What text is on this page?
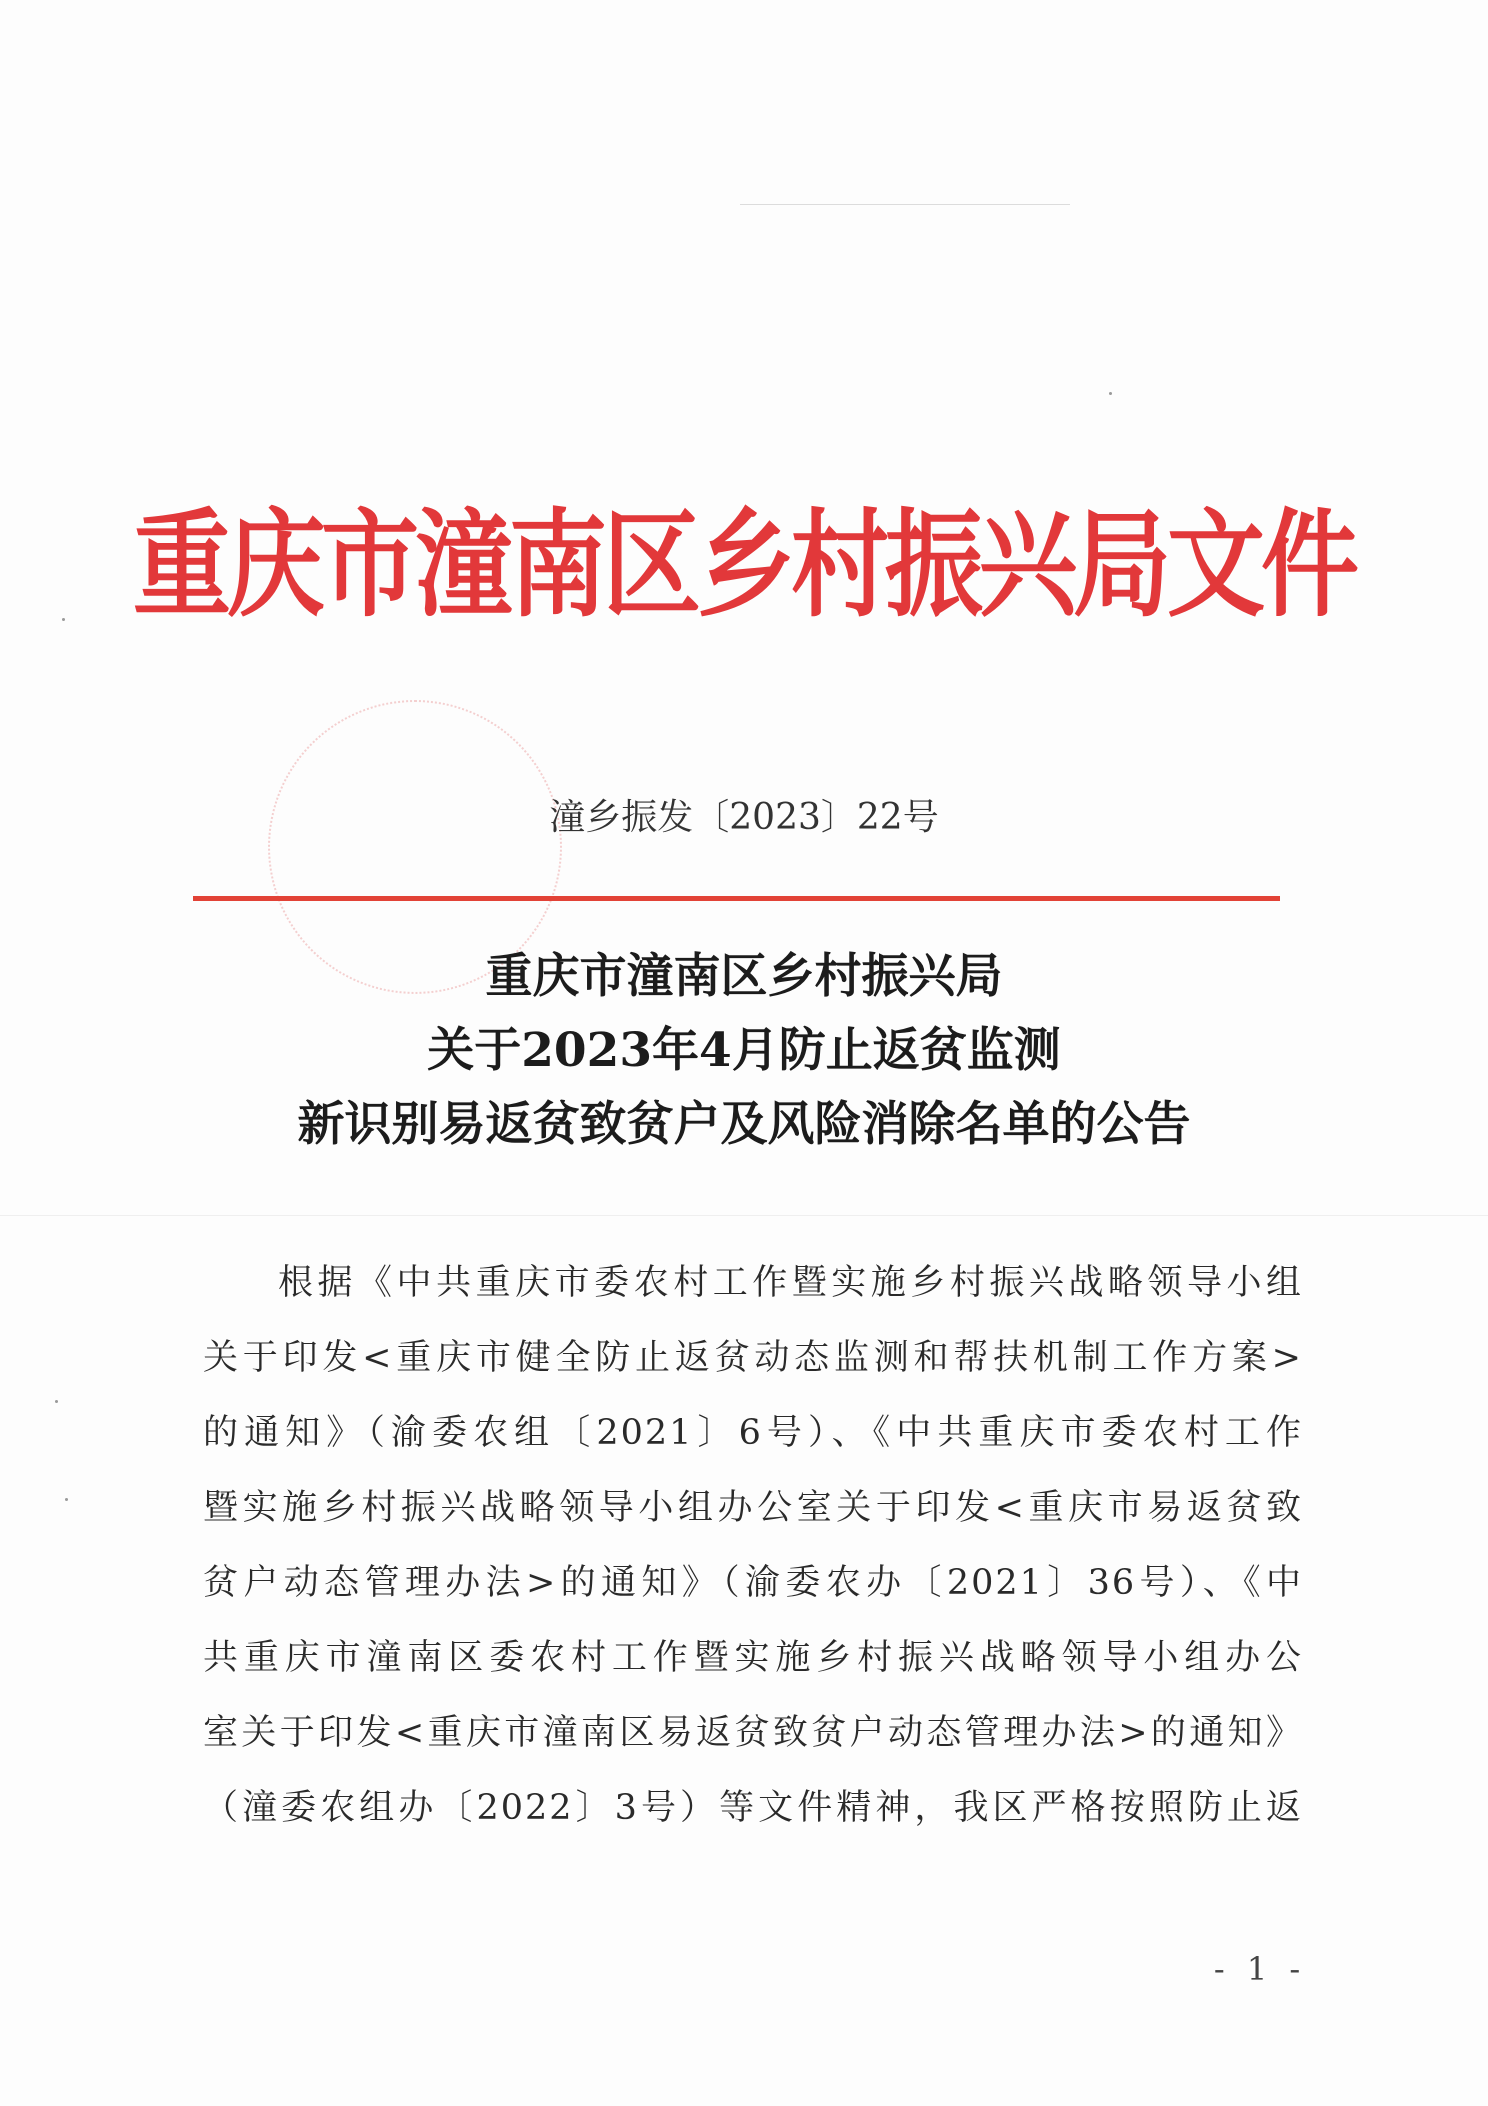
重庆市潼南区乡村振兴局文件
潼乡振发〔2023〕22号
重庆市潼南区乡村振兴局
关于2023年4月防止返贫监测
新识别易返贫致贫户及风险消除名单的公告
根据《中共重庆市委农村工作暨实施乡村振兴战略领导小组
关于印发<重庆市健全防止返贫动态监测和帮扶机制工作方案>
的通知》（渝委农组〔2021〕6号）、《中共重庆市委农村工作
暨实施乡村振兴战略领导小组办公室关于印发<重庆市易返贫致
贫户动态管理办法>的通知》（渝委农办〔2021〕36号）、《中
共重庆市潼南区委农村工作暨实施乡村振兴战略领导小组办公
室关于印发<重庆市潼南区易返贫致贫户动态管理办法>的通知》
（潼委农组办〔2022〕3号）等文件精神，我区严格按照防止返
- 1 -
